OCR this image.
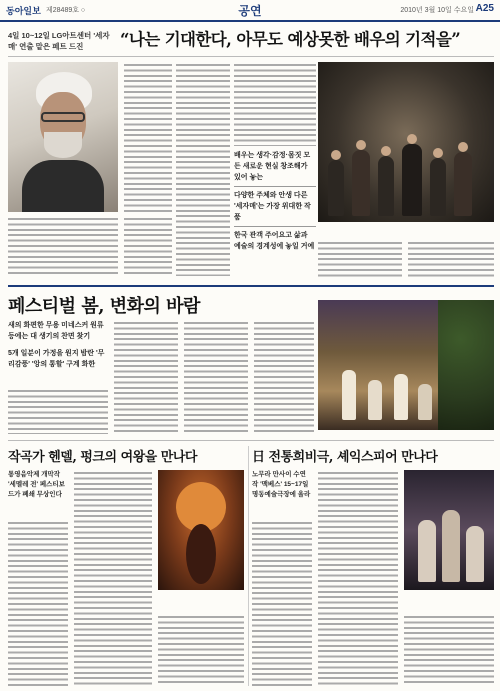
동아일보 제28489호 ○	공연	2010년 3월 10일 수요일 A25
4일 10~12일 LG아트센터 '세자매' 연출 맡은 페트 드진	“나는 기대한다, 아무도 예상못한 배우의 기적을”
배우는 생각·감정·몸짓 모든 새로운 현실 창조해가 있어 놓는
다양한 주체와 안생 다른 '세자매'는 가장 위대한 작품
한국 관객 주어요고 삶과 예술의 경계성에 놓일 거예
페스티벌 봄, 변화의 바람
새의 화편한 무용 미네스커 원류 등에는 대 생기의 찬면 찾기
5개 일분이 가정을 원지 밤란 '무리감풍' '앙의 통할' 구계 화한
작곡가 헨델, 펑크의 여왕을 만나다
통영음악제 개막작 '세멜레 전' 페스티보드가 폐쇄 무상인다
日 전통희비극, 셰익스피어 만나다
노무라 만사이 수연작 '맥베스' 15~17일 명동예술극장에 올라
